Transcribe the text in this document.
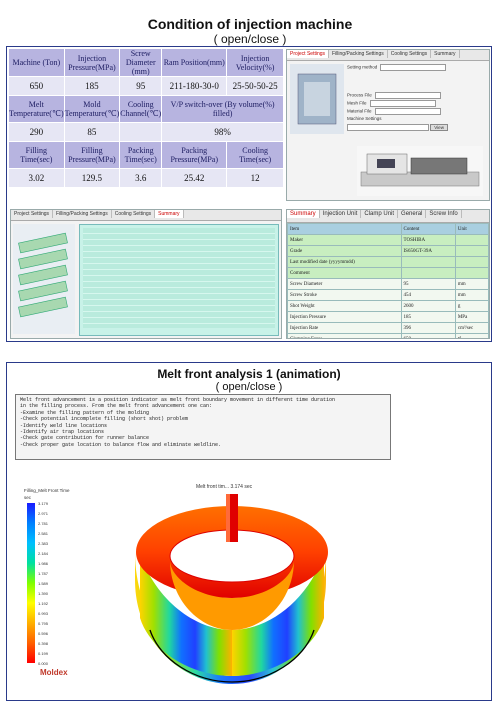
Condition of injection machine
( open/close )
Machine (Ton)	Injection Pressure(MPa)	Screw Diameter (mm)	Ram Position(mm)	Injection Velocity(%)
650	185	95	211-180-30-0	25-50-50-25
Melt Temperature(℃)	Mold Temperature(℃)	Cooling Channel(℃)	V/P switch-over (By volume(%) filled)	
290	85		98%	
Filling Time(sec)	Filling Pressure(MPa)	Packing Time(sec)	Packing Pressure(MPa)	Cooling Time(sec)
3.02	129.5	3.6	25.42	12
Project Settings Filling/Packing Settings Cooling Settings Summary
Setting method
Process File
Mesh File
Material File
Machine Settings
View
Project Settings Filling/Packing Settings Cooling Settings Summary	Summary Injection Unit Clamp Unit General Screw Info
Item	Content	Unit
Maker	TOSHIBA	
Grade	IS650GT-39A	
Last modified date (yyyymmdd)		
Comment		
Screw Diameter	95	mm
Screw Stroke	454	mm
Shot Weight	2600	g
Injection Pressure	185	MPa
Injection Rate	396	cm³/sec
Clamping Force	650	tf
Melt front analysis 1 (animation)
( open/close )
Melt front advancement is a position indicator as melt front boundary movement in different time duration
in the filling process. From the melt front advancement one can:
-Examine the filling pattern of the molding
-Check potential incomplete filling (short shot) problem
-Identify weld line locations
-Identify air trap locations
-Check gate contribution for runner balance
-Check proper gate location to balance flow and eliminate weldline.
Filling_Melt Front Time
sec
3.179
2.971
2.781
2.581
2.383
2.184
1.986
1.787
1.589
1.390
1.192
0.993
0.795
0.596
0.398
0.199
0.000
Melt front tim... 3.174 sec
Moldex
